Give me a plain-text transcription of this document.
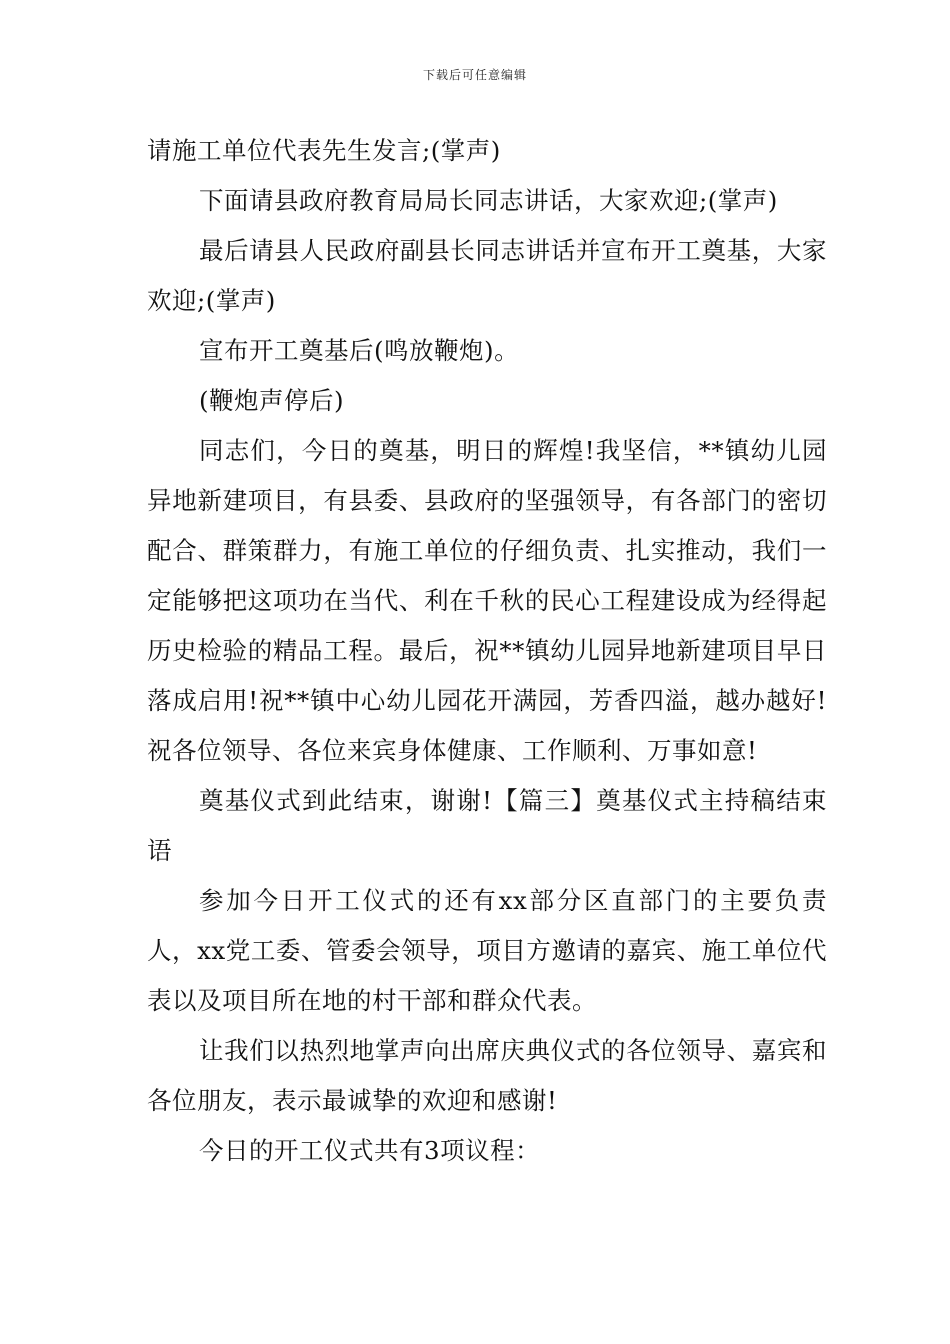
下载后可任意编辑

请施工单位代表先生发言;(掌声)

下面请县政府教育局局长同志讲话，大家欢迎;(掌声)

最后请县人民政府副县长同志讲话并宣布开工奠基，大家欢迎;(掌声)

宣布开工奠基后(鸣放鞭炮)。

(鞭炮声停后)

同志们，今日的奠基，明日的辉煌!我坚信，**镇幼儿园异地新建项目，有县委、县政府的坚强领导，有各部门的密切配合、群策群力，有施工单位的仔细负责、扎实推动，我们一定能够把这项功在当代、利在千秋的民心工程建设成为经得起历史检验的精品工程。最后，祝**镇幼儿园异地新建项目早日落成启用!祝**镇中心幼儿园花开满园，芳香四溢，越办越好!祝各位领导、各位来宾身体健康、工作顺利、万事如意!

奠基仪式到此结束，谢谢!【篇三】奠基仪式主持稿结束语

参加今日开工仪式的还有xx部分区直部门的主要负责人，xx党工委、管委会领导，项目方邀请的嘉宾、施工单位代表以及项目所在地的村干部和群众代表。

让我们以热烈地掌声向出席庆典仪式的各位领导、嘉宾和各位朋友，表示最诚挚的欢迎和感谢!

今日的开工仪式共有3项议程：
